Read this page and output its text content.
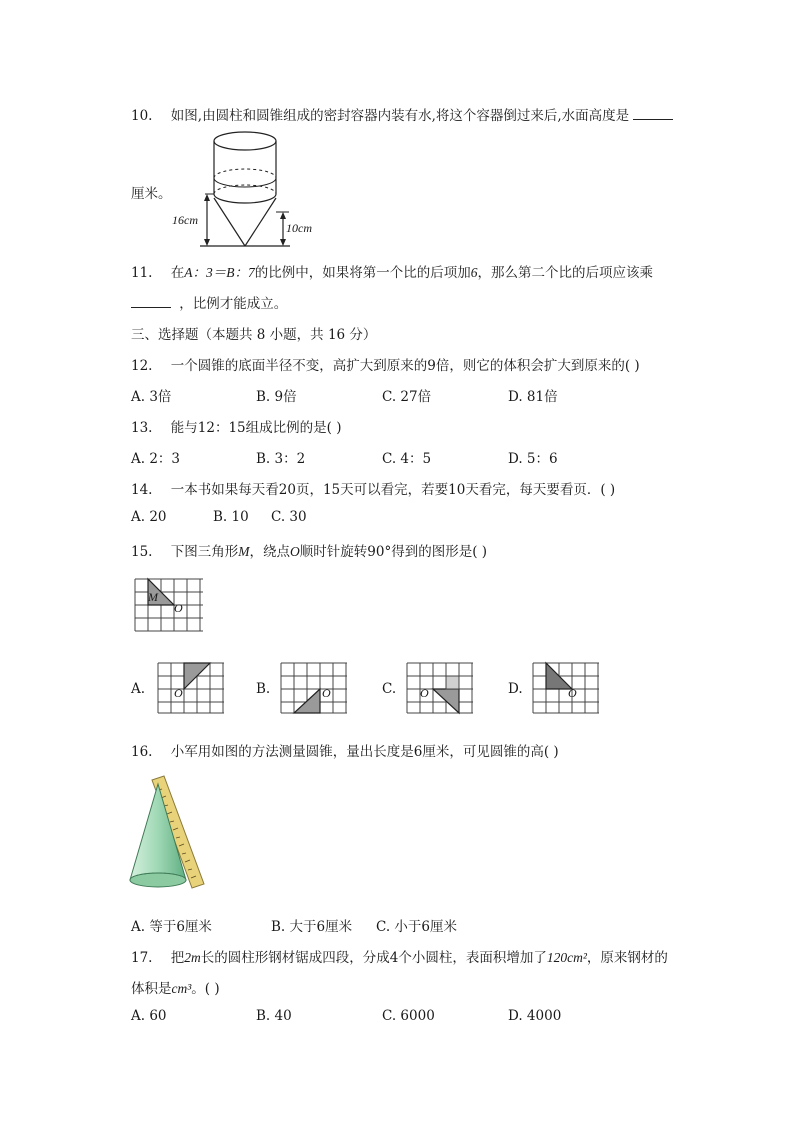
10. 如图,由圆柱和圆锥组成的密封容器内装有水,将这个容器倒过来后,水面高度是
16cm
10cm
厘米。
11. 在A：3＝B：7的比例中，如果将第一个比的后项加6，那么第二个比的后项应该乘
，比例才能成立。
三、选择题（本题共 8 小题，共 16 分）
12. 一个圆锥的底面半径不变，高扩大到原来的9倍，则它的体积会扩大到原来的( )
A. 3倍	B. 9倍	C. 27倍	D. 81倍
13. 能与12：15组成比例的是( )
A. 2：3	B. 3：2	C. 4：5	D. 5：6
14. 一本书如果每天看20页，15天可以看完，若要10天看完，每天要看页．( )
A. 20	B. 10 C. 30
15. 下图三角形M，绕点O顺时针旋转90°得到的图形是( )
M
O
A. O	B.	O	C. O	D.	O
16. 小军用如图的方法测量圆锥，量出长度是6厘米，可见圆锥的高( )
A. 等于6厘米	B. 大于6厘米 C. 小于6厘米
17. 把2m长的圆柱形钢材锯成四段，分成4个小圆柱，表面积增加了120cm²，原来钢材的
体积是cm³。( )
A. 60	B. 40	C. 6000	D. 4000
